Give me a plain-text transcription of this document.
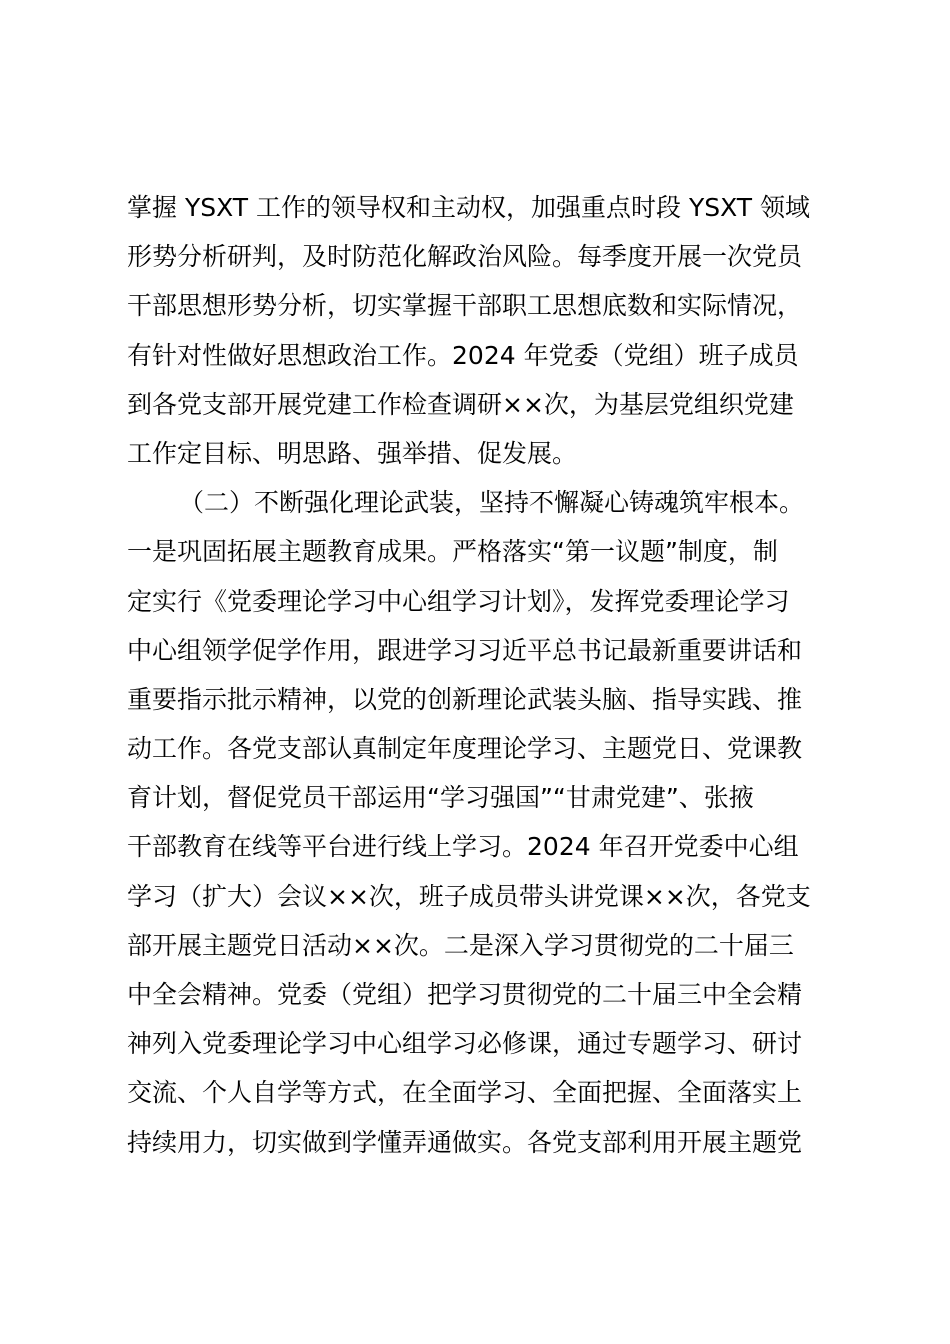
掌握 YSXT 工作的领导权和主动权，加强重点时段 YSXT 领域
形势分析研判，及时防范化解政治风险。每季度开展一次党员
干部思想形势分析，切实掌握干部职工思想底数和实际情况，
有针对性做好思想政治工作。2024 年党委（党组）班子成员
到各党支部开展党建工作检查调研××次，为基层党组织党建
工作定目标、明思路、强举措、促发展。
（二）不断强化理论武装，坚持不懈凝心铸魂筑牢根本。
一是巩固拓展主题教育成果。严格落实“第一议题”制度，制
定实行《党委理论学习中心组学习计划》，发挥党委理论学习
中心组领学促学作用，跟进学习习近平总书记最新重要讲话和
重要指示批示精神，以党的创新理论武装头脑、指导实践、推
动工作。各党支部认真制定年度理论学习、主题党日、党课教
育计划，督促党员干部运用“学习强国”“甘肃党建”、张掖
干部教育在线等平台进行线上学习。2024 年召开党委中心组
学习（扩大）会议××次，班子成员带头讲党课××次，各党支
部开展主题党日活动××次。二是深入学习贯彻党的二十届三
中全会精神。党委（党组）把学习贯彻党的二十届三中全会精
神列入党委理论学习中心组学习必修课，通过专题学习、研讨
交流、个人自学等方式，在全面学习、全面把握、全面落实上
持续用力，切实做到学懂弄通做实。各党支部利用开展主题党
